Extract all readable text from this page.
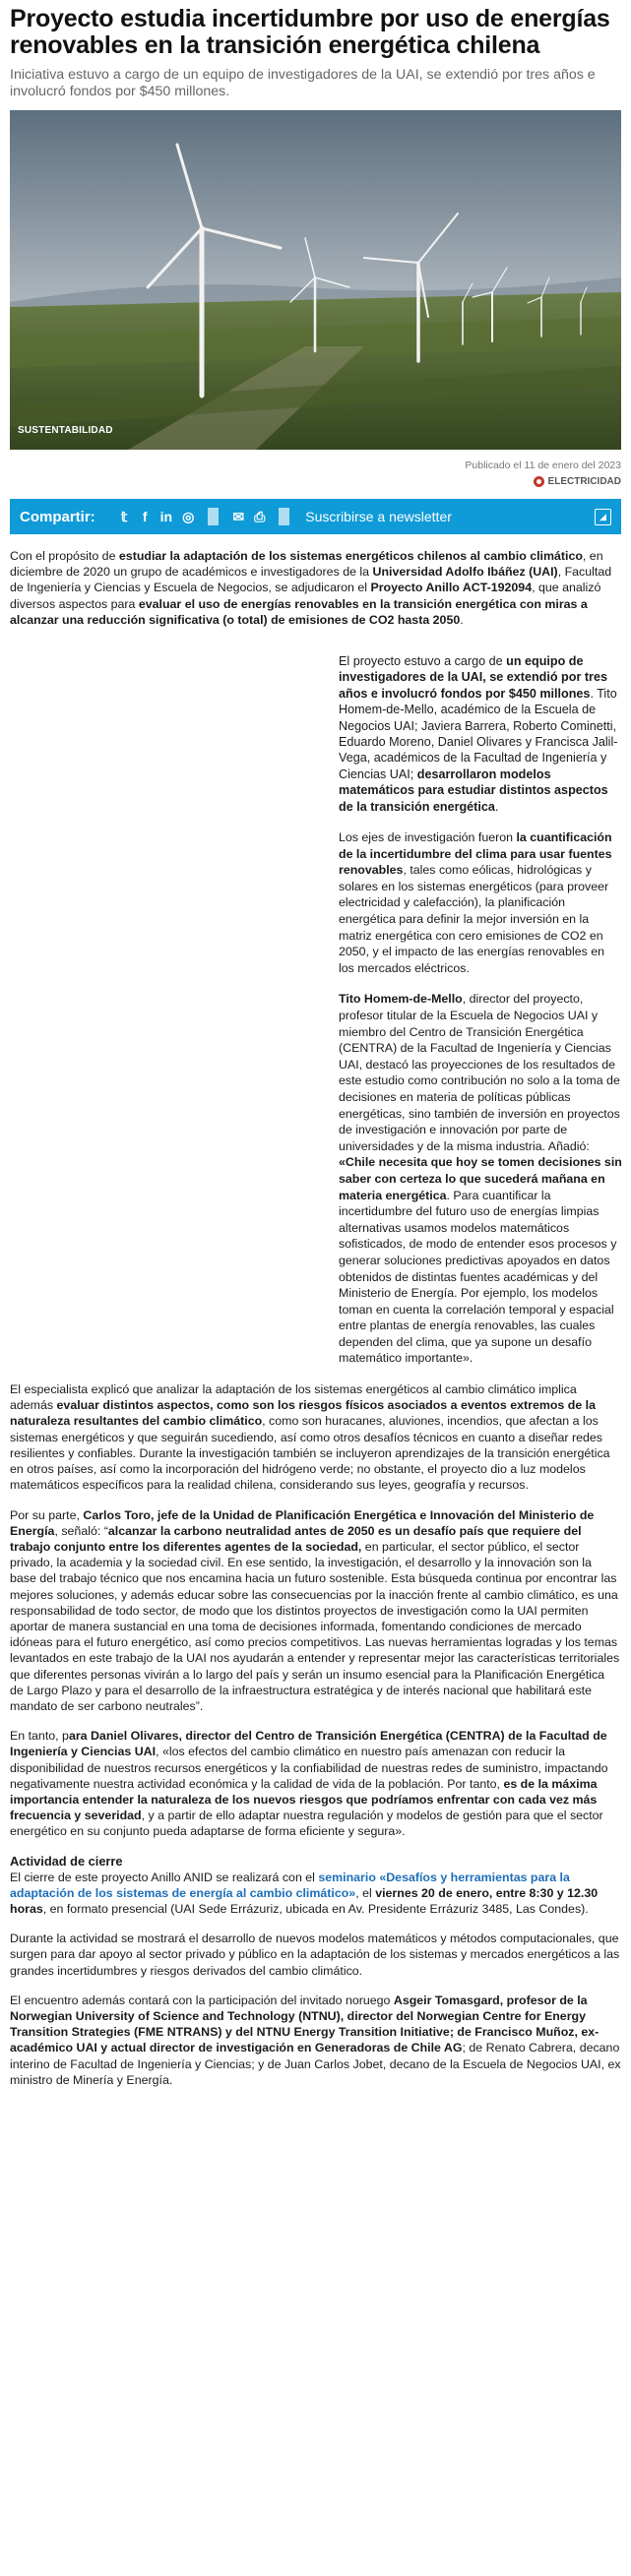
Proyecto estudia incertidumbre por uso de energías renovables en la transición energética chilena

Iniciativa estuvo a cargo de un equipo de investigadores de la UAI, se extendió por tres años e involucró fondos por $450 millones.

SUSTENTABILIDAD
Publicado el 11 de enero del 2023
ELECTRICIDAD
Compartir: 𝕥 f in ◎	✉ ⎙	Suscribirse a newsletter	◢

Con el propósito de estudiar la adaptación de los sistemas energéticos chilenos al cambio climático, en diciembre de 2020 un grupo de académicos e investigadores de la Universidad Adolfo Ibáñez (UAI), Facultad de Ingeniería y Ciencias y Escuela de Negocios, se adjudicaron el Proyecto Anillo ACT-192094, que analizó diversos aspectos para evaluar el uso de energías renovables en la transición energética con miras a alcanzar una reducción significativa (o total) de emisiones de CO2 hasta 2050.

El proyecto estuvo a cargo de un equipo de investigadores de la UAI, se extendió por tres años e involucró fondos por $450 millones. Tito Homem-de-Mello, académico de la Escuela de Negocios UAI; Javiera Barrera, Roberto Cominetti, Eduardo Moreno, Daniel Olivares y Francisca Jalil-Vega, académicos de la Facultad de Ingeniería y Ciencias UAI; desarrollaron modelos matemáticos para estudiar distintos aspectos de la transición energética.

Los ejes de investigación fueron la cuantificación de la incertidumbre del clima para usar fuentes renovables, tales como eólicas, hidrológicas y solares en los sistemas energéticos (para proveer electricidad y calefacción), la planificación energética para definir la mejor inversión en la matriz energética con cero emisiones de CO2 en 2050, y el impacto de las energías renovables en los mercados eléctricos.

Tito Homem-de-Mello, director del proyecto, profesor titular de la Escuela de Negocios UAI y miembro del Centro de Transición Energética (CENTRA) de la Facultad de Ingeniería y Ciencias UAI, destacó las proyecciones de los resultados de este estudio como contribución no solo a la toma de decisiones en materia de políticas públicas energéticas, sino también de inversión en proyectos de investigación e innovación por parte de universidades y de la misma industria. Añadió: «Chile necesita que hoy se tomen decisiones sin saber con certeza lo que sucederá mañana en materia energética. Para cuantificar la incertidumbre del futuro uso de energías limpias alternativas usamos modelos matemáticos sofisticados, de modo de entender esos procesos y generar soluciones predictivas apoyados en datos obtenidos de distintas fuentes académicas y del Ministerio de Energía. Por ejemplo, los modelos toman en cuenta la correlación temporal y espacial entre plantas de energía renovables, las cuales dependen del clima, que ya supone un desafío matemático importante».

El especialista explicó que analizar la adaptación de los sistemas energéticos al cambio climático implica además evaluar distintos aspectos, como son los riesgos físicos asociados a eventos extremos de la naturaleza resultantes del cambio climático, como son huracanes, aluviones, incendios, que afectan a los sistemas energéticos y que seguirán sucediendo, así como otros desafíos técnicos en cuanto a diseñar redes resilientes y confiables. Durante la investigación también se incluyeron aprendizajes de la transición energética en otros países, así como la incorporación del hidrógeno verde; no obstante, el proyecto dio a luz modelos matemáticos específicos para la realidad chilena, considerando sus leyes, geografía y recursos.

Por su parte, Carlos Toro, jefe de la Unidad de Planificación Energética e Innovación del Ministerio de Energía, señaló: “alcanzar la carbono neutralidad antes de 2050 es un desafío país que requiere del trabajo conjunto entre los diferentes agentes de la sociedad, en particular, el sector público, el sector privado, la academia y la sociedad civil. En ese sentido, la investigación, el desarrollo y la innovación son la base del trabajo técnico que nos encamina hacia un futuro sostenible. Esta búsqueda continua por encontrar las mejores soluciones, y además educar sobre las consecuencias por la inacción frente al cambio climático, es una responsabilidad de todo sector, de modo que los distintos proyectos de investigación como la UAI permiten aportar de manera sustancial en una toma de decisiones informada, fomentando condiciones de mercado idóneas para el futuro energético, así como precios competitivos. Las nuevas herramientas logradas y los temas levantados en este trabajo de la UAI nos ayudarán a entender y representar mejor las características territoriales que diferentes personas vivirán a lo largo del país y serán un insumo esencial para la Planificación Energética de Largo Plazo y para el desarrollo de la infraestructura estratégica y de interés nacional que habilitará este mandato de ser carbono neutrales”.

En tanto, para Daniel Olivares, director del Centro de Transición Energética (CENTRA) de la Facultad de Ingeniería y Ciencias UAI, «los efectos del cambio climático en nuestro país amenazan con reducir la disponibilidad de nuestros recursos energéticos y la confiabilidad de nuestras redes de suministro, impactando negativamente nuestra actividad económica y la calidad de vida de la población. Por tanto, es de la máxima importancia entender la naturaleza de los nuevos riesgos que podríamos enfrentar con cada vez más frecuencia y severidad, y a partir de ello adaptar nuestra regulación y modelos de gestión para que el sector energético en su conjunto pueda adaptarse de forma eficiente y segura».

Actividad de cierre

El cierre de este proyecto Anillo ANID se realizará con el seminario «Desafíos y herramientas para la adaptación de los sistemas de energía al cambio climático», el viernes 20 de enero, entre 8:30 y 12.30 horas, en formato presencial (UAI Sede Errázuriz, ubicada en Av. Presidente Errázuriz 3485, Las Condes).

Durante la actividad se mostrará el desarrollo de nuevos modelos matemáticos y métodos computacionales, que surgen para dar apoyo al sector privado y público en la adaptación de los sistemas y mercados energéticos a las grandes incertidumbres y riesgos derivados del cambio climático.

El encuentro además contará con la participación del invitado noruego Asgeir Tomasgard, profesor de la Norwegian University of Science and Technology (NTNU), director del Norwegian Centre for Energy Transition Strategies (FME NTRANS) y del NTNU Energy Transition Initiative; de Francisco Muñoz, ex-académico UAI y actual director de investigación en Generadoras de Chile AG; de Renato Cabrera, decano interino de Facultad de Ingeniería y Ciencias; y de Juan Carlos Jobet, decano de la Escuela de Negocios UAI, ex ministro de Minería y Energía.
